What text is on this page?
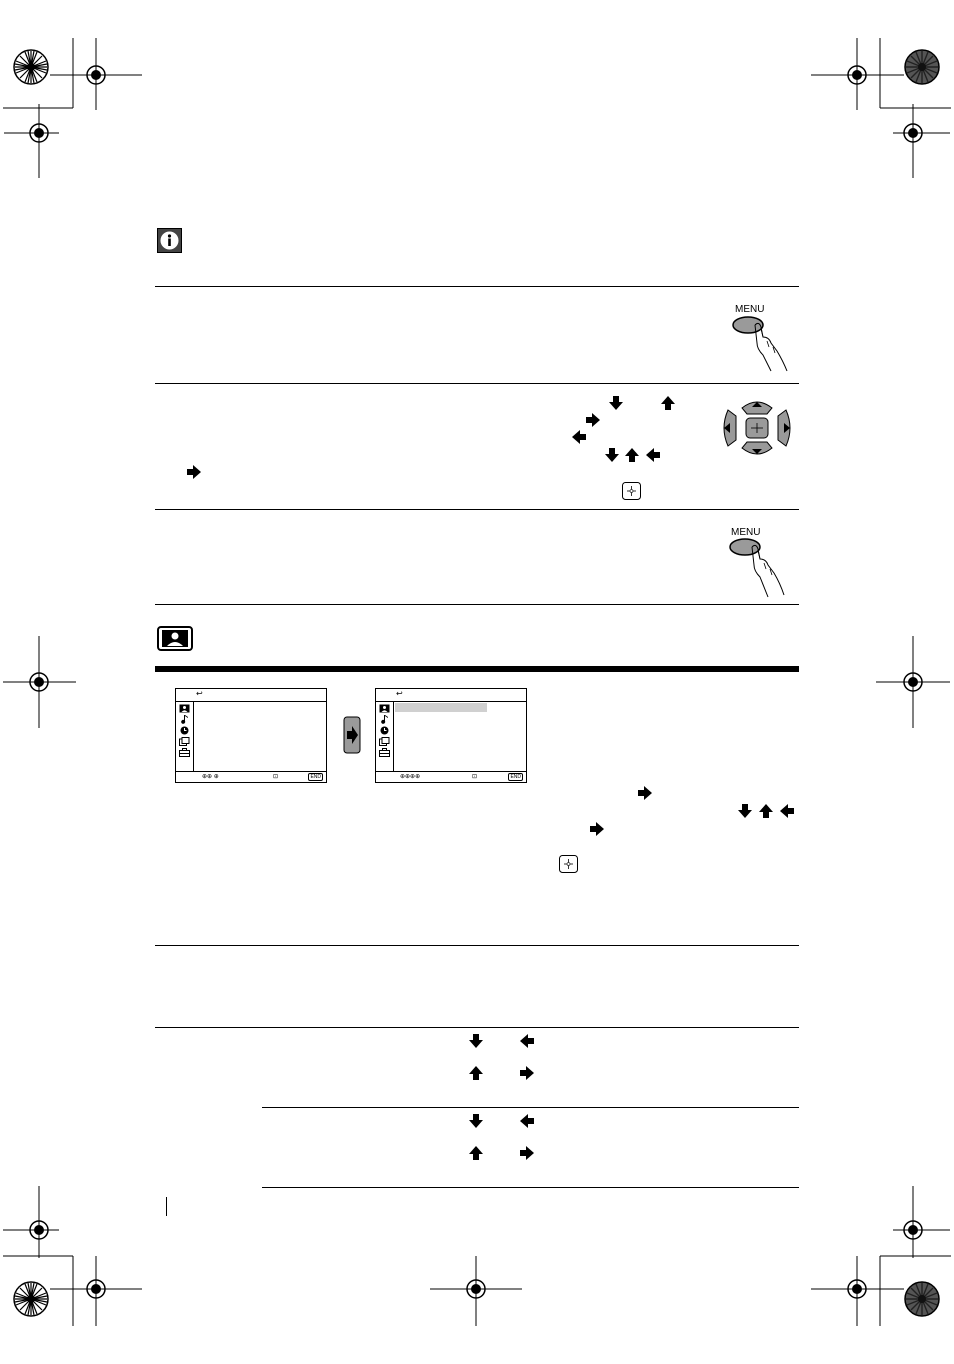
MENU
MENU
↩
⊕⊕ ⊕	⊡	END
↩
⊕⊕⊕⊕	⊡	END
